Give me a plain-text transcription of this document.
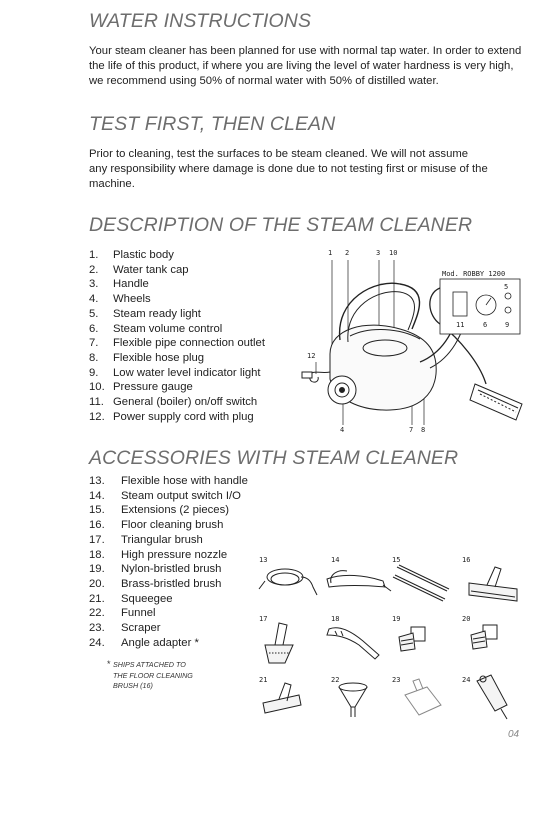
WATER INSTRUCTIONS

Your steam cleaner has been planned for use with normal tap water. In order to extend the life of this product, if where you are living the level of water hardness is very high, we recommend using 50% of normal water with 50% of distilled water.

TEST FIRST, THEN CLEAN

Prior to cleaning, test the surfaces to be steam cleaned. We will not assume any responsibility where damage is done due to not testing first or misuse of the machine.

DESCRIPTION OF THE STEAM CLEANER
1.	Plastic body
2.	Water tank cap
3.	Handle
4.	Wheels
5.	Steam ready light
6.	Steam volume control
7.	Flexible pipe connection outlet
8.	Flexible hose plug
9.	Low water level indicator light
10. Pressure gauge
11. General (boiler) on/off switch
12. Power supply cord with plug
Mod. ROBBY 1200
1 2	3 10
12
4	7 8
5
11	6	9
ACCESSORIES WITH STEAM CLEANER
13.	Flexible hose with handle
14.	Steam output switch I/O
15.	Extensions (2 pieces)
16.	Floor cleaning brush
17.	Triangular brush
18.	High pressure nozzle
19.	Nylon-bristled brush
20.	Brass-bristled brush
21.	Squeegee
22.	Funnel
23.	Scraper
24.	Angle adapter *
* SHIPS ATTACHED TO
THE FLOOR CLEANING
BRUSH (16)
13	14	15	16
17	18	19	20
21	22	23	24
04
